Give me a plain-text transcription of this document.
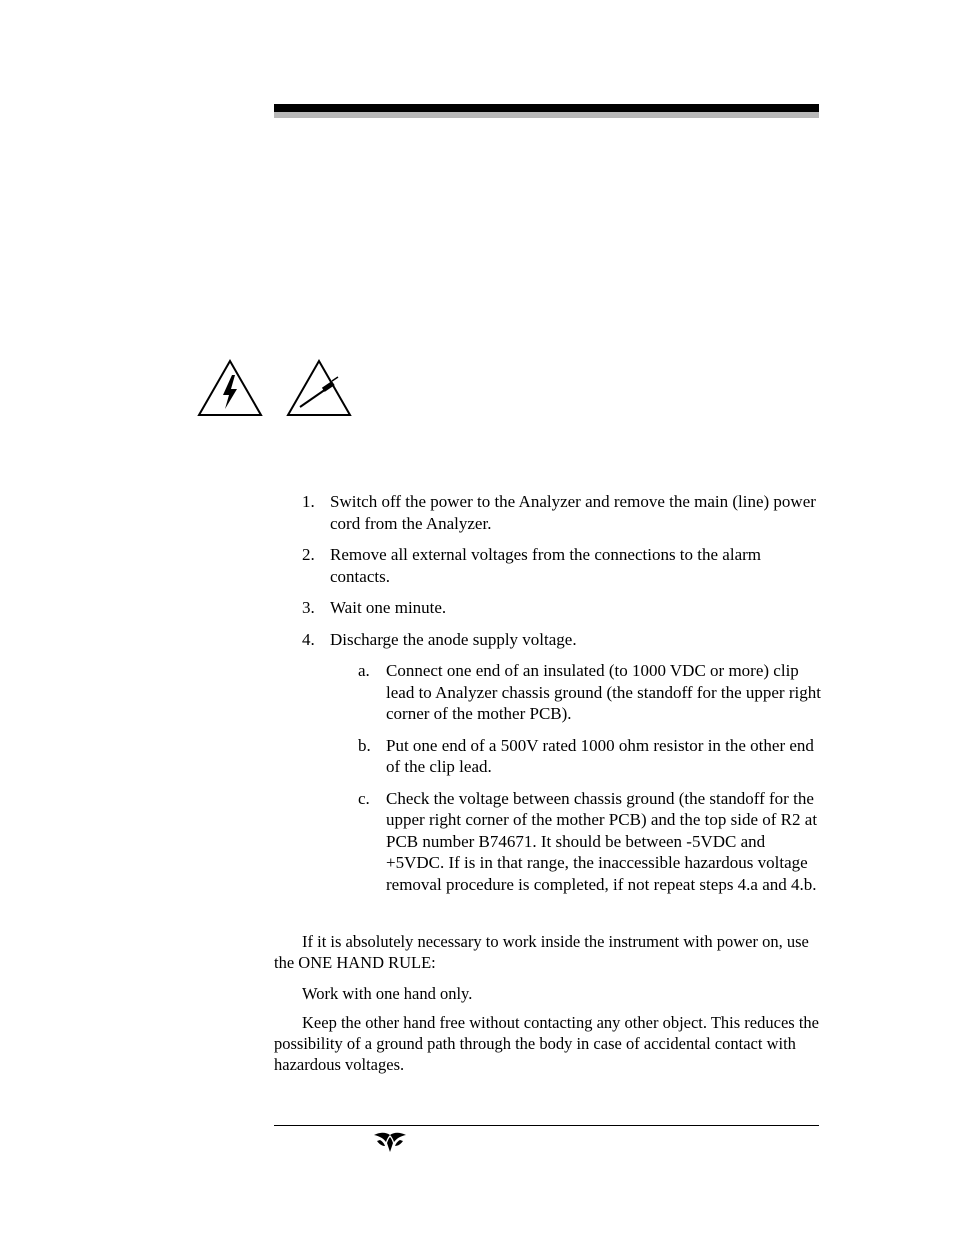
1. Switch off the power to the Analyzer and remove the main (line) power cord from the Analyzer.
2. Remove all external voltages from the connections to the alarm contacts.
3. Wait one minute.
4. Discharge the anode supply voltage.
a. Connect one end of an insulated (to 1000 VDC or more) clip lead to Analyzer chassis ground (the standoff for the upper right corner of the mother PCB).
b. Put one end of a 500V rated 1000 ohm resistor in the other end of the clip lead.
c. Check the voltage between chassis ground (the standoff for the upper right corner of the mother PCB) and the top side of R2 at PCB number B74671. It should be between -5VDC and +5VDC. If is in that range, the inaccessible hazardous voltage removal procedure is completed, if not repeat steps 4.a and 4.b.
If it is absolutely necessary to work inside the instrument with power on, use the ONE HAND RULE:
Work with one hand only.
Keep the other hand free without contacting any other object. This reduces the possibility of a ground path through the body in case of accidental contact with hazardous voltages.
